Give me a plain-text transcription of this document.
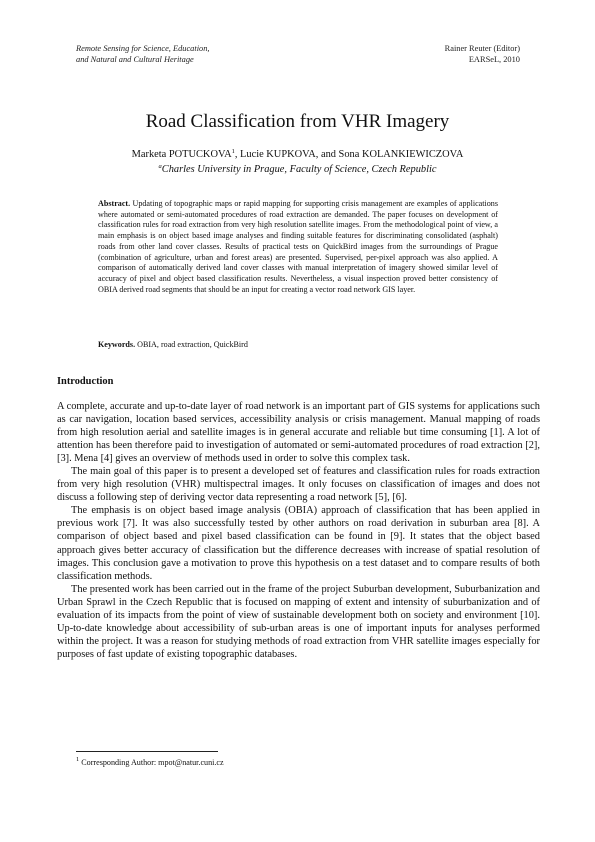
Remote Sensing for Science, Education,
and Natural and Cultural Heritage
Rainer Reuter (Editor)
EARSeL, 2010
Road Classification from VHR Imagery
Marketa POTUCKOVA$^1$, Lucie KUPKOVA, and Sona KOLANKIEWICZOVA
$^a$Charles University in Prague, Faculty of Science, Czech Republic
Abstract. Updating of topographic maps or rapid mapping for supporting crisis management are examples of applications where automated or semi-automated procedures of road extraction are demanded. The paper focuses on development of classification rules for road extraction from very high resolution satellite images. From the methodological point of view, a main emphasis is on object based image analyses and finding suitable features for discriminating consolidated (asphalt) roads from other land cover classes. Results of practical tests on QuickBird images from the surroundings of Prague (combination of agriculture, urban and forest areas) are presented. Supervised, per-pixel approach was also applied. A comparison of automatically derived land cover classes with manual interpretation of imagery showed similar level of accuracy of pixel and object based classification results. Nevertheless, a visual inspection proved better consistency of OBIA derived road segments that should be an input for creating a vector road network GIS layer.
Keywords. OBIA, road extraction, QuickBird
Introduction

A complete, accurate and up-to-date layer of road network is an important part of GIS systems for applications such as car navigation, location based services, accessibility analysis or crisis management. Manual mapping of roads from high resolution aerial and satellite images is in general accurate and reliable but time consuming [1]. A lot of attention has been therefore paid to investigation of automated or semi-automated procedures of road extraction [2], [3]. Mena [4] gives an overview of methods used in order to solve this complex task.

The main goal of this paper is to present a developed set of features and classification rules for roads extraction from very high resolution (VHR) multispectral images. It only focuses on classification of images and does not discuss a following step of deriving vector data representing a road network [5], [6].

The emphasis is on object based image analysis (OBIA) approach of classification that has been applied in previous work [7]. It was also successfully tested by other authors on road derivation in suburban area [8]. A comparison of object based and pixel based classification can be found in [9]. It states that the object based approach gives better accuracy of classification but the difference decreases with increase of spatial resolution of images. This conclusion gave a motivation to prove this hypothesis on a test dataset and to compare results of both classification methods.

The presented work has been carried out in the frame of the project Suburban development, Suburbanization and Urban Sprawl in the Czech Republic that is focused on mapping of extent and intensity of suburbanization and of evaluation of its impacts from the point of view of sustainable development both on society and environment [10]. Up-to-date knowledge about accessibility of sub-urban areas is one of important inputs for analyses performed within the project. It was a reason for studying methods of road extraction from VHR satellite images especially for purposes of fast update of existing topographic databases.

$^1$ Corresponding Author: mpot@natur.cuni.cz
